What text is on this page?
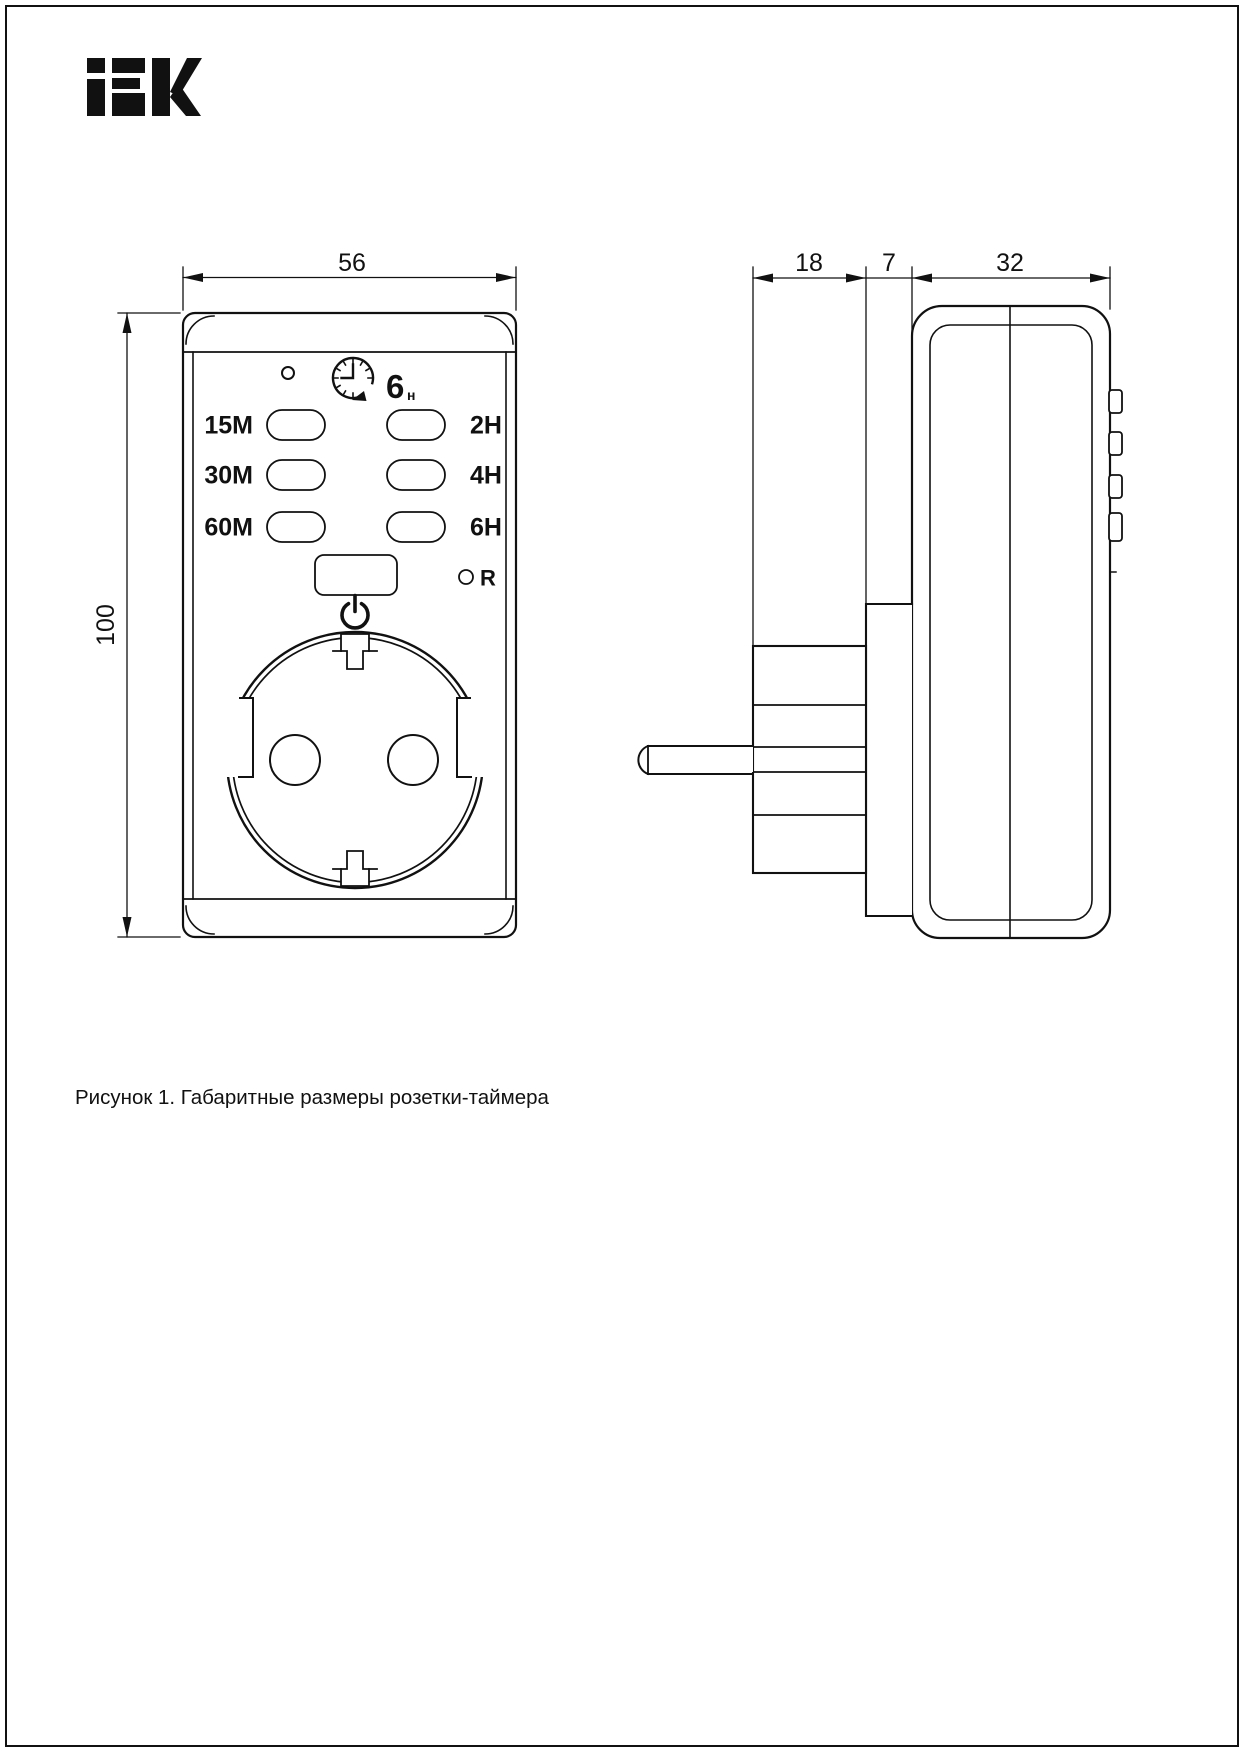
56
100
6 н
15M
30M
60M
2H
4H
6H
R
18 7	32
Рисунок 1. Габаритные размеры розетки-таймера
